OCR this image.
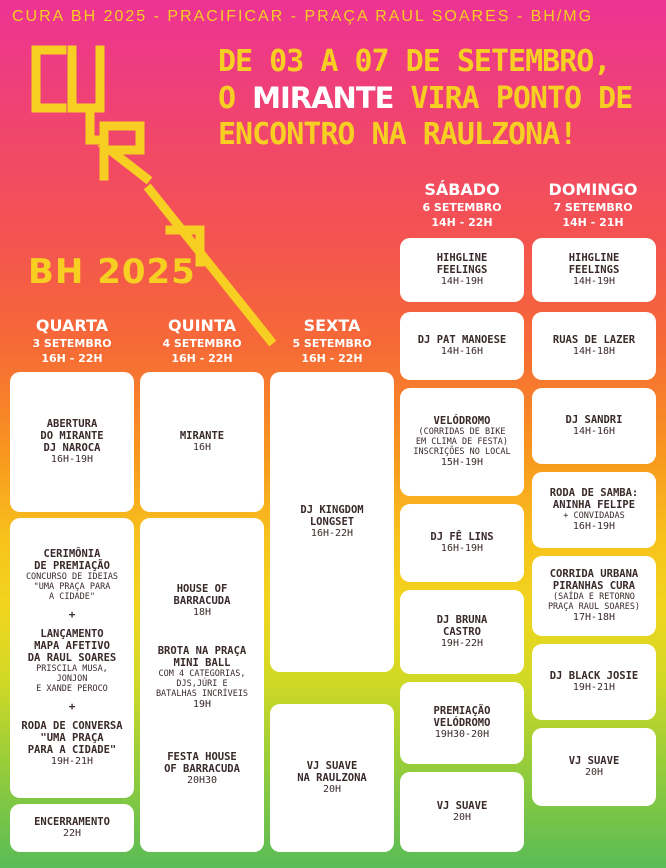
CURA BH 2025 - PRACIFICAR - PRAÇA RAUL SOARES - BH/MG
DE 03 A 07 DE SETEMBRO,
O MIRANTE VIRA PONTO DE
ENCONTRO NA RAULZONA!
BH 2025
QUARTA
3 SETEMBRO
16H - 22H
QUINTA
4 SETEMBRO
16H - 22H
SEXTA
5 SETEMBRO
16H - 22H
SÁBADO
6 SETEMBRO
14H - 22H
DOMINGO
7 SETEMBRO
14H - 21H
ABERTURA
DO MIRANTE
DJ NAROCA
16H-19H
CERIMÔNIA
DE PREMIAÇÃO
CONCURSO DE IDEIAS
"UMA PRAÇA PARA
A CIDADE"
+
LANÇAMENTO
MAPA AFETIVO
DA RAUL SOARES
PRISCILA MUSA,
JONJON
E XANDE PEROCO
+
RODA DE CONVERSA
"UMA PRAÇA
PARA A CIDADE"
19H-21H
ENCERRAMENTO
22H
MIRANTE
16H
HOUSE OF
BARRACUDA
18H
BROTA NA PRAÇA
MINI BALL
COM 4 CATEGORIAS,
DJS,JÚRI E
BATALHAS INCRÍVEIS
19H
FESTA HOUSE
OF BARRACUDA
20H30
DJ KINGDOM
LONGSET
16H-22H
VJ SUAVE
NA RAULZONA
20H
HIHGLINE
FEELINGS
14H-19H
DJ PAT MANOESE
14H-16H
VELÓDROMO
(CORRIDAS DE BIKE
EM CLIMA DE FESTA)
INSCRIÇÕES NO LOCAL
15H-19H
DJ FÊ LINS
16H-19H
DJ BRUNA
CASTRO
19H-22H
PREMIAÇÃO
VELÓDROMO
19H30-20H
VJ SUAVE
20H
HIHGLINE
FEELINGS
14H-19H
RUAS DE LAZER
14H-18H
DJ SANDRI
14H-16H
RODA DE SAMBA:
ANINHA FELIPE
+ CONVIDADAS
16H-19H
CORRIDA URBANA
PIRANHAS CURA
(SAÍDA E RETORNO
PRAÇA RAUL SOARES)
17H-18H
DJ BLACK JOSIE
19H-21H
VJ SUAVE
20H
